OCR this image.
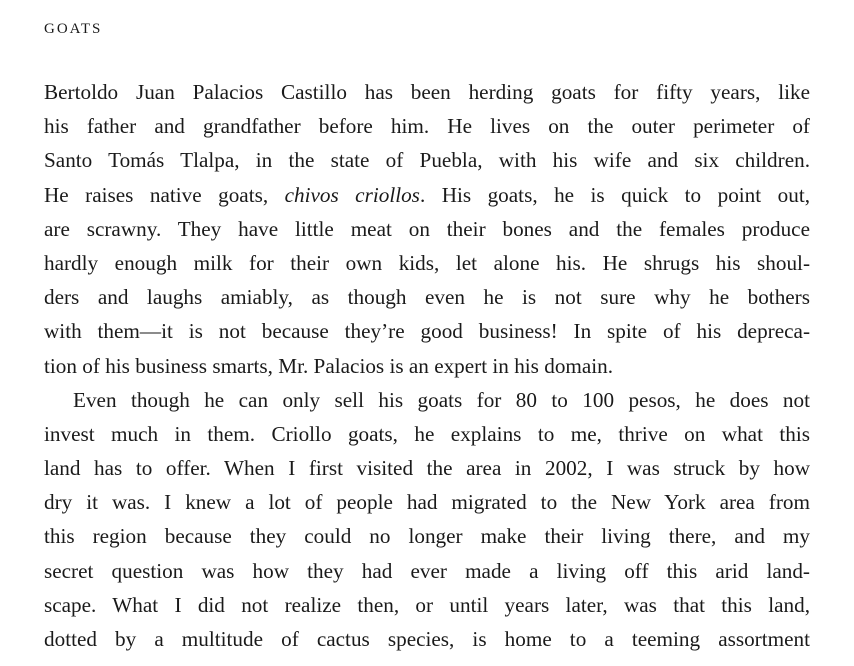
GOATS
Bertoldo Juan Palacios Castillo has been herding goats for fifty years, like
his father and grandfather before him. He lives on the outer perimeter of
Santo Tomás Tlalpa, in the state of Puebla, with his wife and six children.
He raises native goats, chivos criollos. His goats, he is quick to point out,
are scrawny. They have little meat on their bones and the females produce
hardly enough milk for their own kids, let alone his. He shrugs his shoul-
ders and laughs amiably, as though even he is not sure why he bothers
with them—it is not because they’re good business! In spite of his depreca-
tion of his business smarts, Mr. Palacios is an expert in his domain.
Even though he can only sell his goats for 80 to 100 pesos, he does not
invest much in them. Criollo goats, he explains to me, thrive on what this
land has to offer. When I first visited the area in 2002, I was struck by how
dry it was. I knew a lot of people had migrated to the New York area from
this region because they could no longer make their living there, and my
secret question was how they had ever made a living off this arid land-
scape. What I did not realize then, or until years later, was that this land,
dotted by a multitude of cactus species, is home to a teeming assortment
